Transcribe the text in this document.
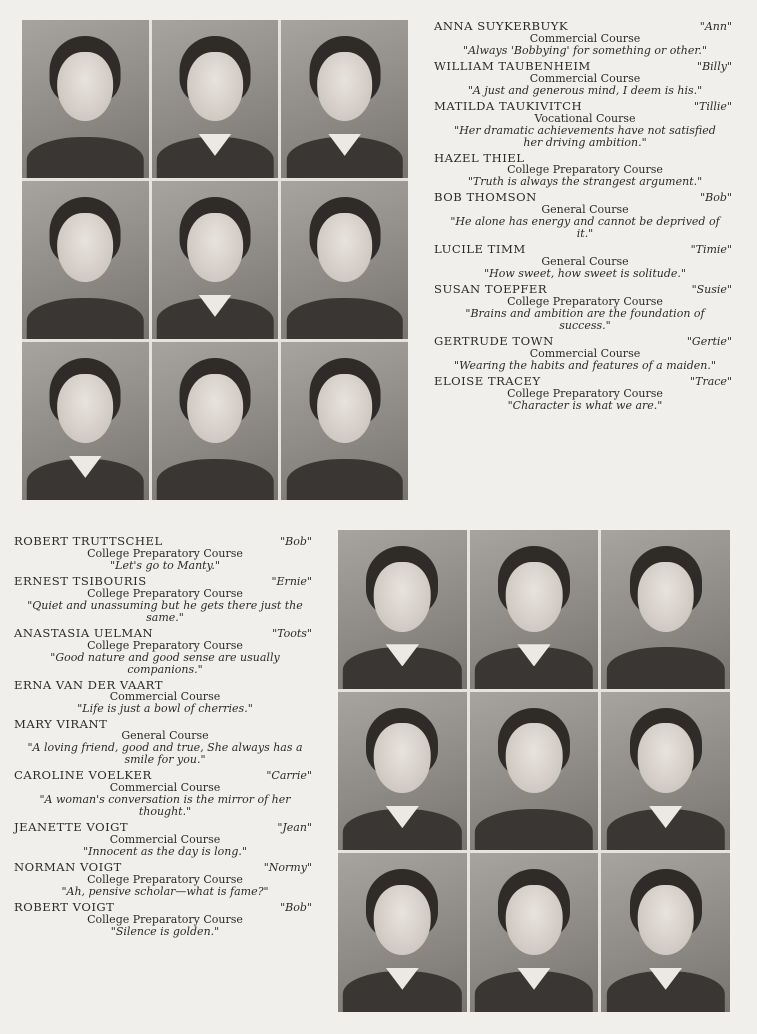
ANNA SUYKERBUYK	"Ann"
Commercial Course
"Always 'Bobbying' for something or other."
WILLIAM TAUBENHEIM	"Billy"
Commercial Course
"A just and generous mind, I deem is his."
MATILDA TAUKIVITCH	"Tillie"
Vocational Course
"Her dramatic achievements have not satisfied her driving ambition."
HAZEL THIEL
College Preparatory Course
"Truth is always the strangest argument."
BOB THOMSON	"Bob"
General Course
"He alone has energy and cannot be deprived of it."
LUCILE TIMM	"Timie"
General Course
"How sweet, how sweet is solitude."
SUSAN TOEPFER	"Susie"
College Preparatory Course
"Brains and ambition are the foundation of success."
GERTRUDE TOWN	"Gertie"
Commercial Course
"Wearing the habits and features of a maiden."
ELOISE TRACEY	"Trace"
College Preparatory Course
"Character is what we are."
ROBERT TRUTTSCHEL	"Bob"
College Preparatory Course
"Let's go to Manty."
ERNEST TSIBOURIS	"Ernie"
College Preparatory Course
"Quiet and unassuming but he gets there just the same."
ANASTASIA UELMAN	"Toots"
College Preparatory Course
"Good nature and good sense are usually companions."
ERNA VAN DER VAART
Commercial Course
"Life is just a bowl of cherries."
MARY VIRANT
General Course
"A loving friend, good and true, She always has a smile for you."
CAROLINE VOELKER	"Carrie"
Commercial Course
"A woman's conversation is the mirror of her thought."
JEANETTE VOIGT	"Jean"
Commercial Course
"Innocent as the day is long."
NORMAN VOIGT	"Normy"
College Preparatory Course
"Ah, pensive scholar—what is fame?"
ROBERT VOIGT	"Bob"
College Preparatory Course
"Silence is golden."
